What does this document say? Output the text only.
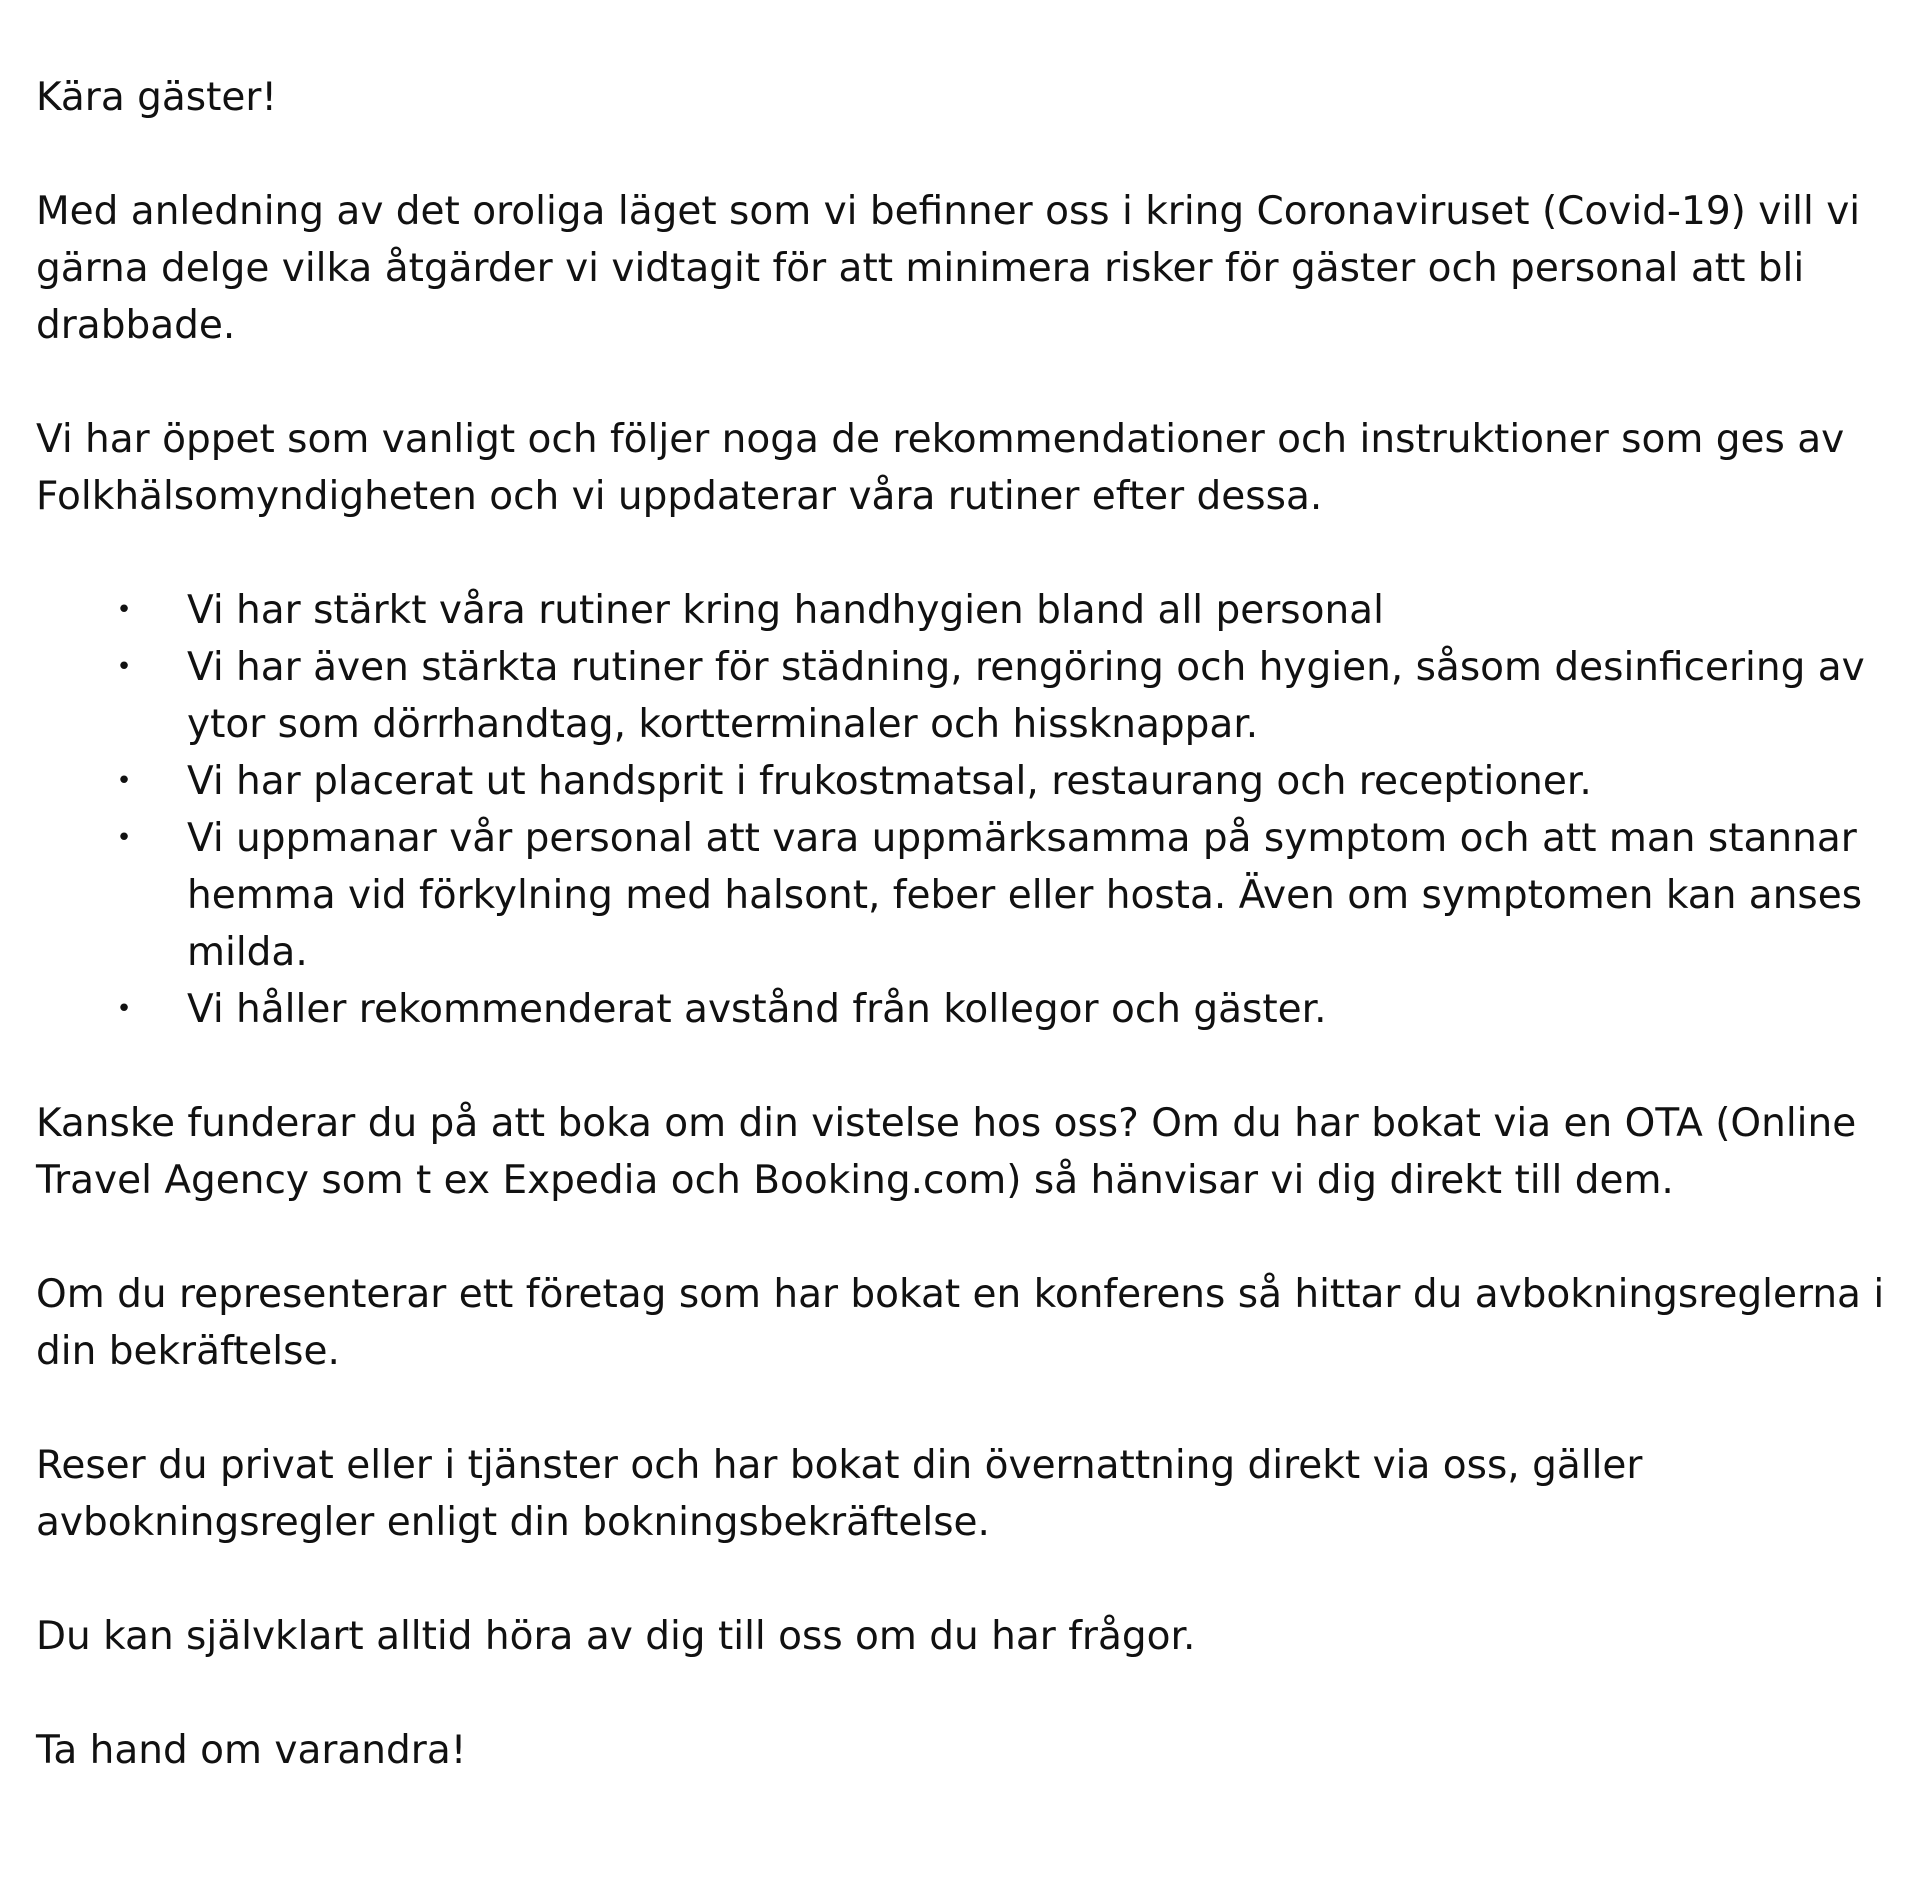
Kära gäster!

Med anledning av det oroliga läget som vi befinner oss i kring Coronaviruset (Covid-19) vill vi gärna delge vilka åtgärder vi vidtagit för att minimera risker för gäster och personal att bli drabbade.

Vi har öppet som vanligt och följer noga de rekommendationer och instruktioner som ges av Folkhälsomyndigheten och vi uppdaterar våra rutiner efter dessa.

• Vi har stärkt våra rutiner kring handhygien bland all personal
• Vi har även stärkta rutiner för städning, rengöring och hygien, såsom desinficering av ytor som dörrhandtag, kortterminaler och hissknappar.
• Vi har placerat ut handsprit i frukostmatsal, restaurang och receptioner.
• Vi uppmanar vår personal att vara uppmärksamma på symptom och att man stannar hemma vid förkylning med halsont, feber eller hosta. Även om symptomen kan anses milda.
• Vi håller rekommenderat avstånd från kollegor och gäster.

Kanske funderar du på att boka om din vistelse hos oss? Om du har bokat via en OTA (Online Travel Agency som t ex Expedia och Booking.com) så hänvisar vi dig direkt till dem.

Om du representerar ett företag som har bokat en konferens så hittar du avbokningsreglerna i din bekräftelse.

Reser du privat eller i tjänster och har bokat din övernattning direkt via oss, gäller avbokningsregler enligt din bokningsbekräftelse.

Du kan självklart alltid höra av dig till oss om du har frågor.

Ta hand om varandra!
